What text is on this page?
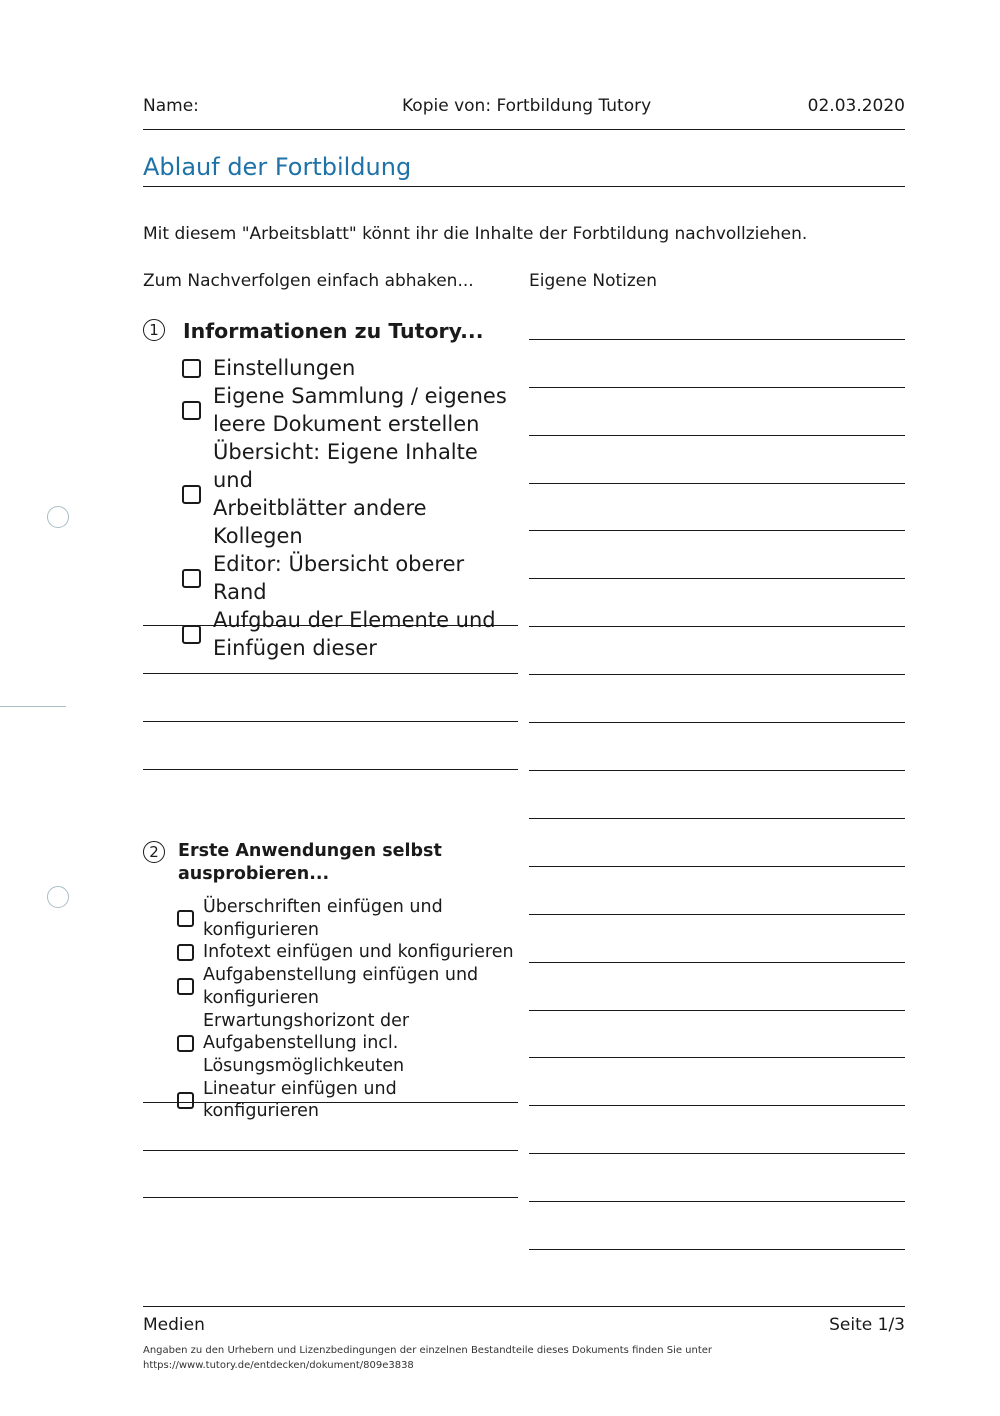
Name:	Kopie von: Fortbildung Tutory	02.03.2020
Ablauf der Fortbildung
Mit diesem "Arbeitsblatt" könnt ihr die Inhalte der Forbtildung nachvollziehen.
Zum Nachverfolgen einfach abhaken...	Eigene Notizen
1	Informationen zu Tutory...
Einstellungen
Eigene Sammlung / eigenes
leere Dokument erstellen
Übersicht: Eigene Inhalte und
Arbeitblätter andere Kollegen
Editor: Übersicht oberer Rand
Aufgbau der Elemente und
Einfügen dieser
2	Erste Anwendungen selbst
ausprobieren...
Überschriften einfügen und
konfigurieren
Infotext einfügen und konfigurieren
Aufgabenstellung einfügen und
konfigurieren
Erwartungshorizont der
Aufgabenstellung incl.
Lösungsmöglichkeuten
Lineatur einfügen und konfigurieren
Medien	Seite 1/3
Angaben zu den Urhebern und Lizenzbedingungen der einzelnen Bestandteile dieses Dokuments finden Sie unter
https://www.tutory.de/entdecken/dokument/809e3838
